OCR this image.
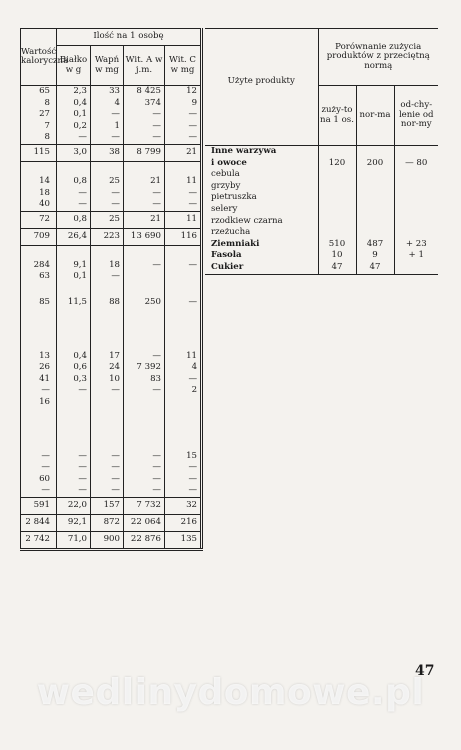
Wartość kaloryczna	Ilość na 1 osobę			
	Białko w g	Wapń w mg	Wit. A w j.m.	Wit. C w mg
65	2,3	33	8 425	12
8	0,4	4	374	9
27	0,1	—	—	—
7	0,2	1	—	—
8	—	—	—	—
115	3,0	38	8 799	21

14	0,8	25	21	11
18	—	—	—	—
40	—	—	—	—
72	0,8	25	21	11
709	26,4	223	13 690	116

284	9,1	18	—	—
63	0,1	—		

85	11,5	88	250	—

13	0,4	17	—	11
26	0,6	24	7 392	4
41	0,3	10	83	—
—	—	—	—	2
16				

—	—	—	—	15
—	—	—	—	—
60	—	—	—	—
—	—	—	—	—
591	22,0	157	7 732	32
2 844	92,1	872	22 064	216
2 742	71,0	900	22 876	135
Użyte produkty	Porównanie zużycia produktów z przeciętną normą		
	zuży-to na 1 os.	nor-ma	od-chy-lenie od nor-my
Inne warzywa			
i owoce	120	200	— 80
cebula			
grzyby			
pietruszka			
selery			
rzodkiew czarna			
rzeżucha			
Ziemniaki	510	487	+ 23
Fasola	10	9	+ 1
Cukier	47	47	
47
wedlinydomowe.pl
